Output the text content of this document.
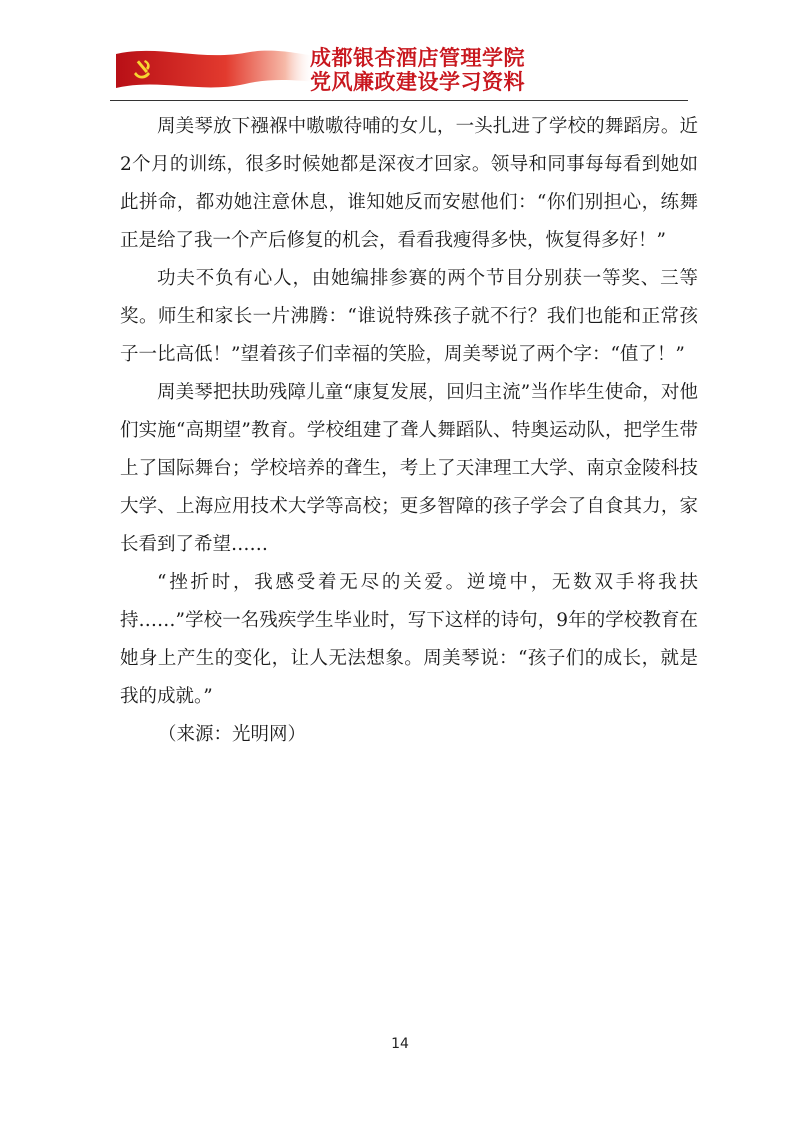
成都银杏酒店管理学院
党风廉政建设学习资料

周美琴放下襁褓中嗷嗷待哺的女儿，一头扎进了学校的舞蹈房。近2个月的训练，很多时候她都是深夜才回家。领导和同事每每看到她如此拼命，都劝她注意休息，谁知她反而安慰他们：“你们别担心，练舞正是给了我一个产后修复的机会，看看我瘦得多快，恢复得多好！”

功夫不负有心人，由她编排参赛的两个节目分别获一等奖、三等奖。师生和家长一片沸腾：“谁说特殊孩子就不行？我们也能和正常孩子一比高低！”望着孩子们幸福的笑脸，周美琴说了两个字：“值了！”

周美琴把扶助残障儿童“康复发展，回归主流”当作毕生使命，对他们实施“高期望”教育。学校组建了聋人舞蹈队、特奥运动队，把学生带上了国际舞台；学校培养的聋生，考上了天津理工大学、南京金陵科技大学、上海应用技术大学等高校；更多智障的孩子学会了自食其力，家长看到了希望……

“挫折时，我感受着无尽的关爱。逆境中，无数双手将我扶持……”学校一名残疾学生毕业时，写下这样的诗句，9年的学校教育在她身上产生的变化，让人无法想象。周美琴说：“孩子们的成长，就是我的成就。”

（来源：光明网）

14
